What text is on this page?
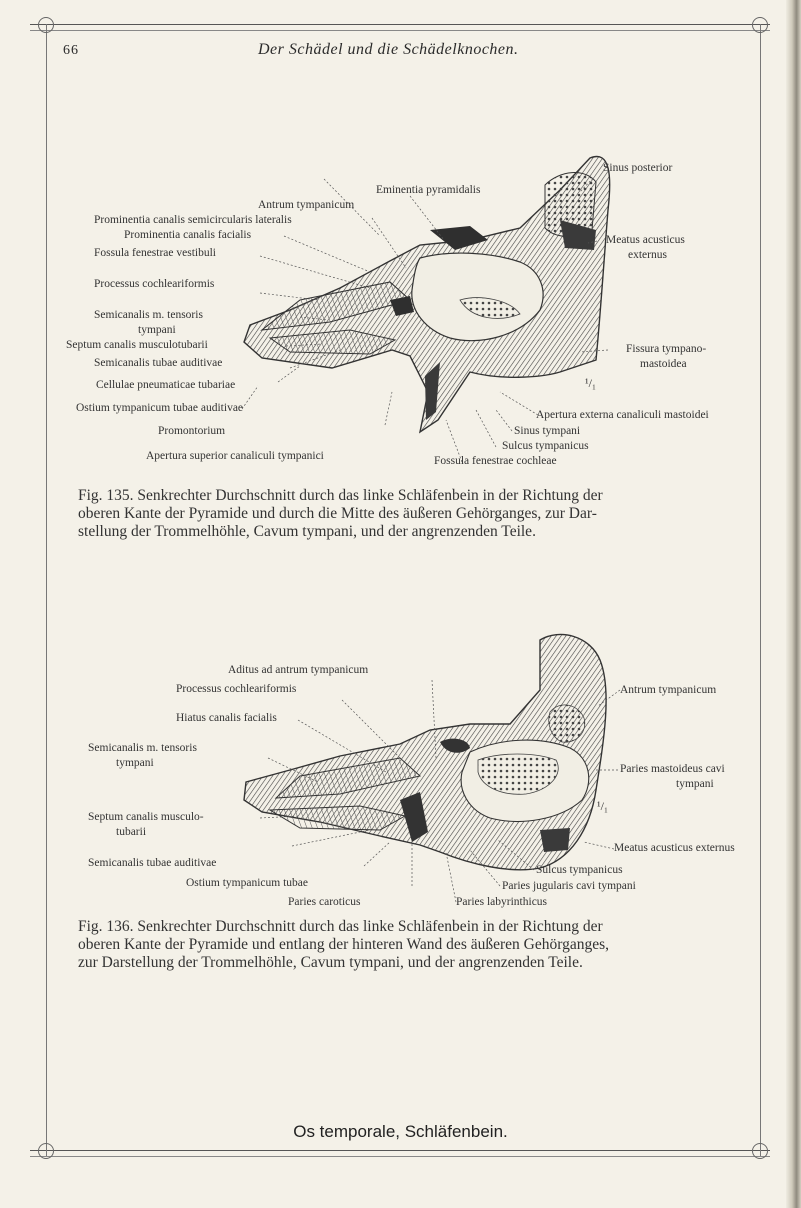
66	Der Schädel und die Schädelknochen.
Eminentia pyramidalis
Antrum tympanicum
Prominentia canalis semicircularis lateralis
Prominentia canalis facialis
Fossula fenestrae vestibuli
Processus cochleariformis
Semicanalis m. tensoris
tympani
Septum canalis musculotubarii
Semicanalis tubae auditivae
Cellulae pneumaticae tubariae
Ostium tympanicum tubae auditivae
Promontorium
Apertura superior canaliculi tympanici
Sinus posterior
Meatus acusticus
externus
Fissura tympano-
mastoidea
¹/₁
Apertura externa canaliculi mastoidei
Sinus tympani
Sulcus tympanicus
Fossula fenestrae cochleae
Fig. 135. Senkrechter Durchschnitt durch das linke Schläfenbein in der Richtung der
oberen Kante der Pyramide und durch die Mitte des äußeren Gehörganges, zur Dar-
stellung der Trommelhöhle, Cavum tympani, und der angrenzenden Teile.
Aditus ad antrum tympanicum
Processus cochleariformis
Hiatus canalis facialis
Semicanalis m. tensoris
tympani
Septum canalis musculo-
tubarii
Semicanalis tubae auditivae
Ostium tympanicum tubae
Paries caroticus
Antrum tympanicum
Paries mastoideus cavi
tympani
¹/₁
Meatus acusticus externus
Sulcus tympanicus
Paries jugularis cavi tympani
Paries labyrinthicus
Fig. 136. Senkrechter Durchschnitt durch das linke Schläfenbein in der Richtung der
oberen Kante der Pyramide und entlang der hinteren Wand des äußeren Gehörganges,
zur Darstellung der Trommelhöhle, Cavum tympani, und der angrenzenden Teile.
Os temporale, Schläfenbein.
